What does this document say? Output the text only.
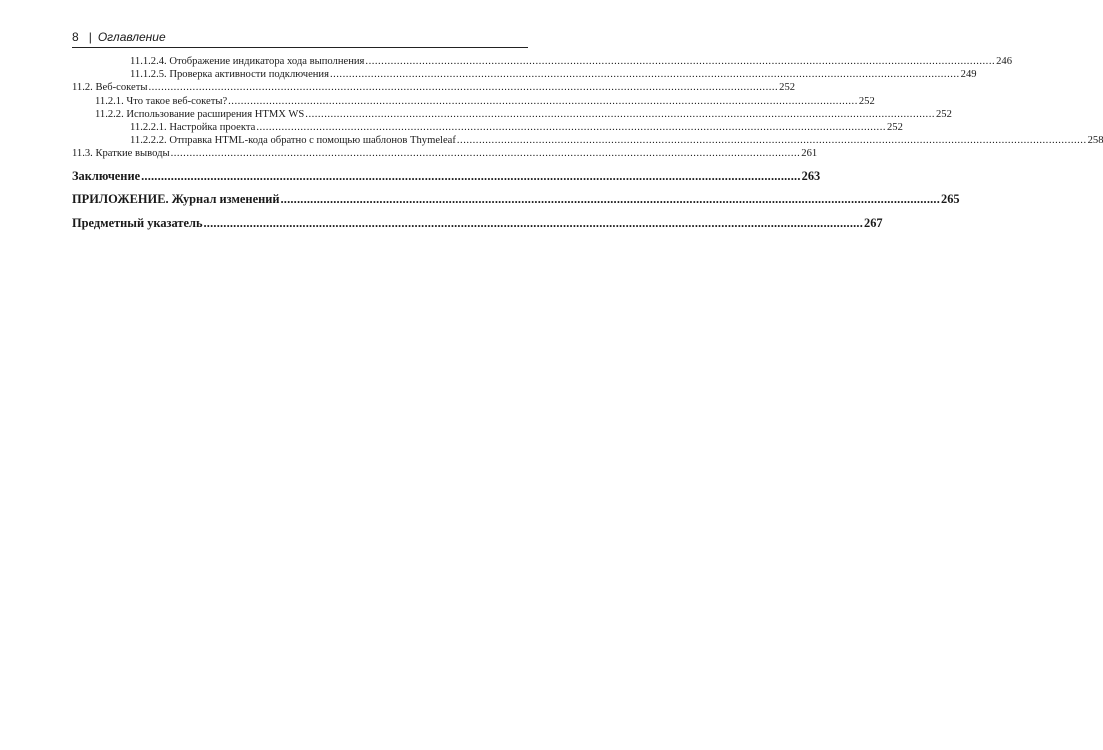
8 | Оглавление
11.1.2.4. Отображение индикатора хода выполнения ........................................................................................................................................................................................................ 246
11.1.2.5. Проверка активности подключения ........................................................................................................................................................................................................ 249
11.2. Веб-сокеты ........................................................................................................................................................................................................ 252
11.2.1. Что такое веб-сокеты? ........................................................................................................................................................................................................ 252
11.2.2. Использование расширения HTMX WS ........................................................................................................................................................................................................ 252
11.2.2.1. Настройка проекта ........................................................................................................................................................................................................ 252
11.2.2.2. Отправка HTML-кода обратно с помощью шаблонов Thymeleaf ........................................................................................................................................................................................................ 258
11.3. Краткие выводы ........................................................................................................................................................................................................ 261
Заключение ........................................................................................................................................................................................................ 263
ПРИЛОЖЕНИЕ. Журнал изменений ........................................................................................................................................................................................................ 265
Предметный указатель ........................................................................................................................................................................................................ 267
